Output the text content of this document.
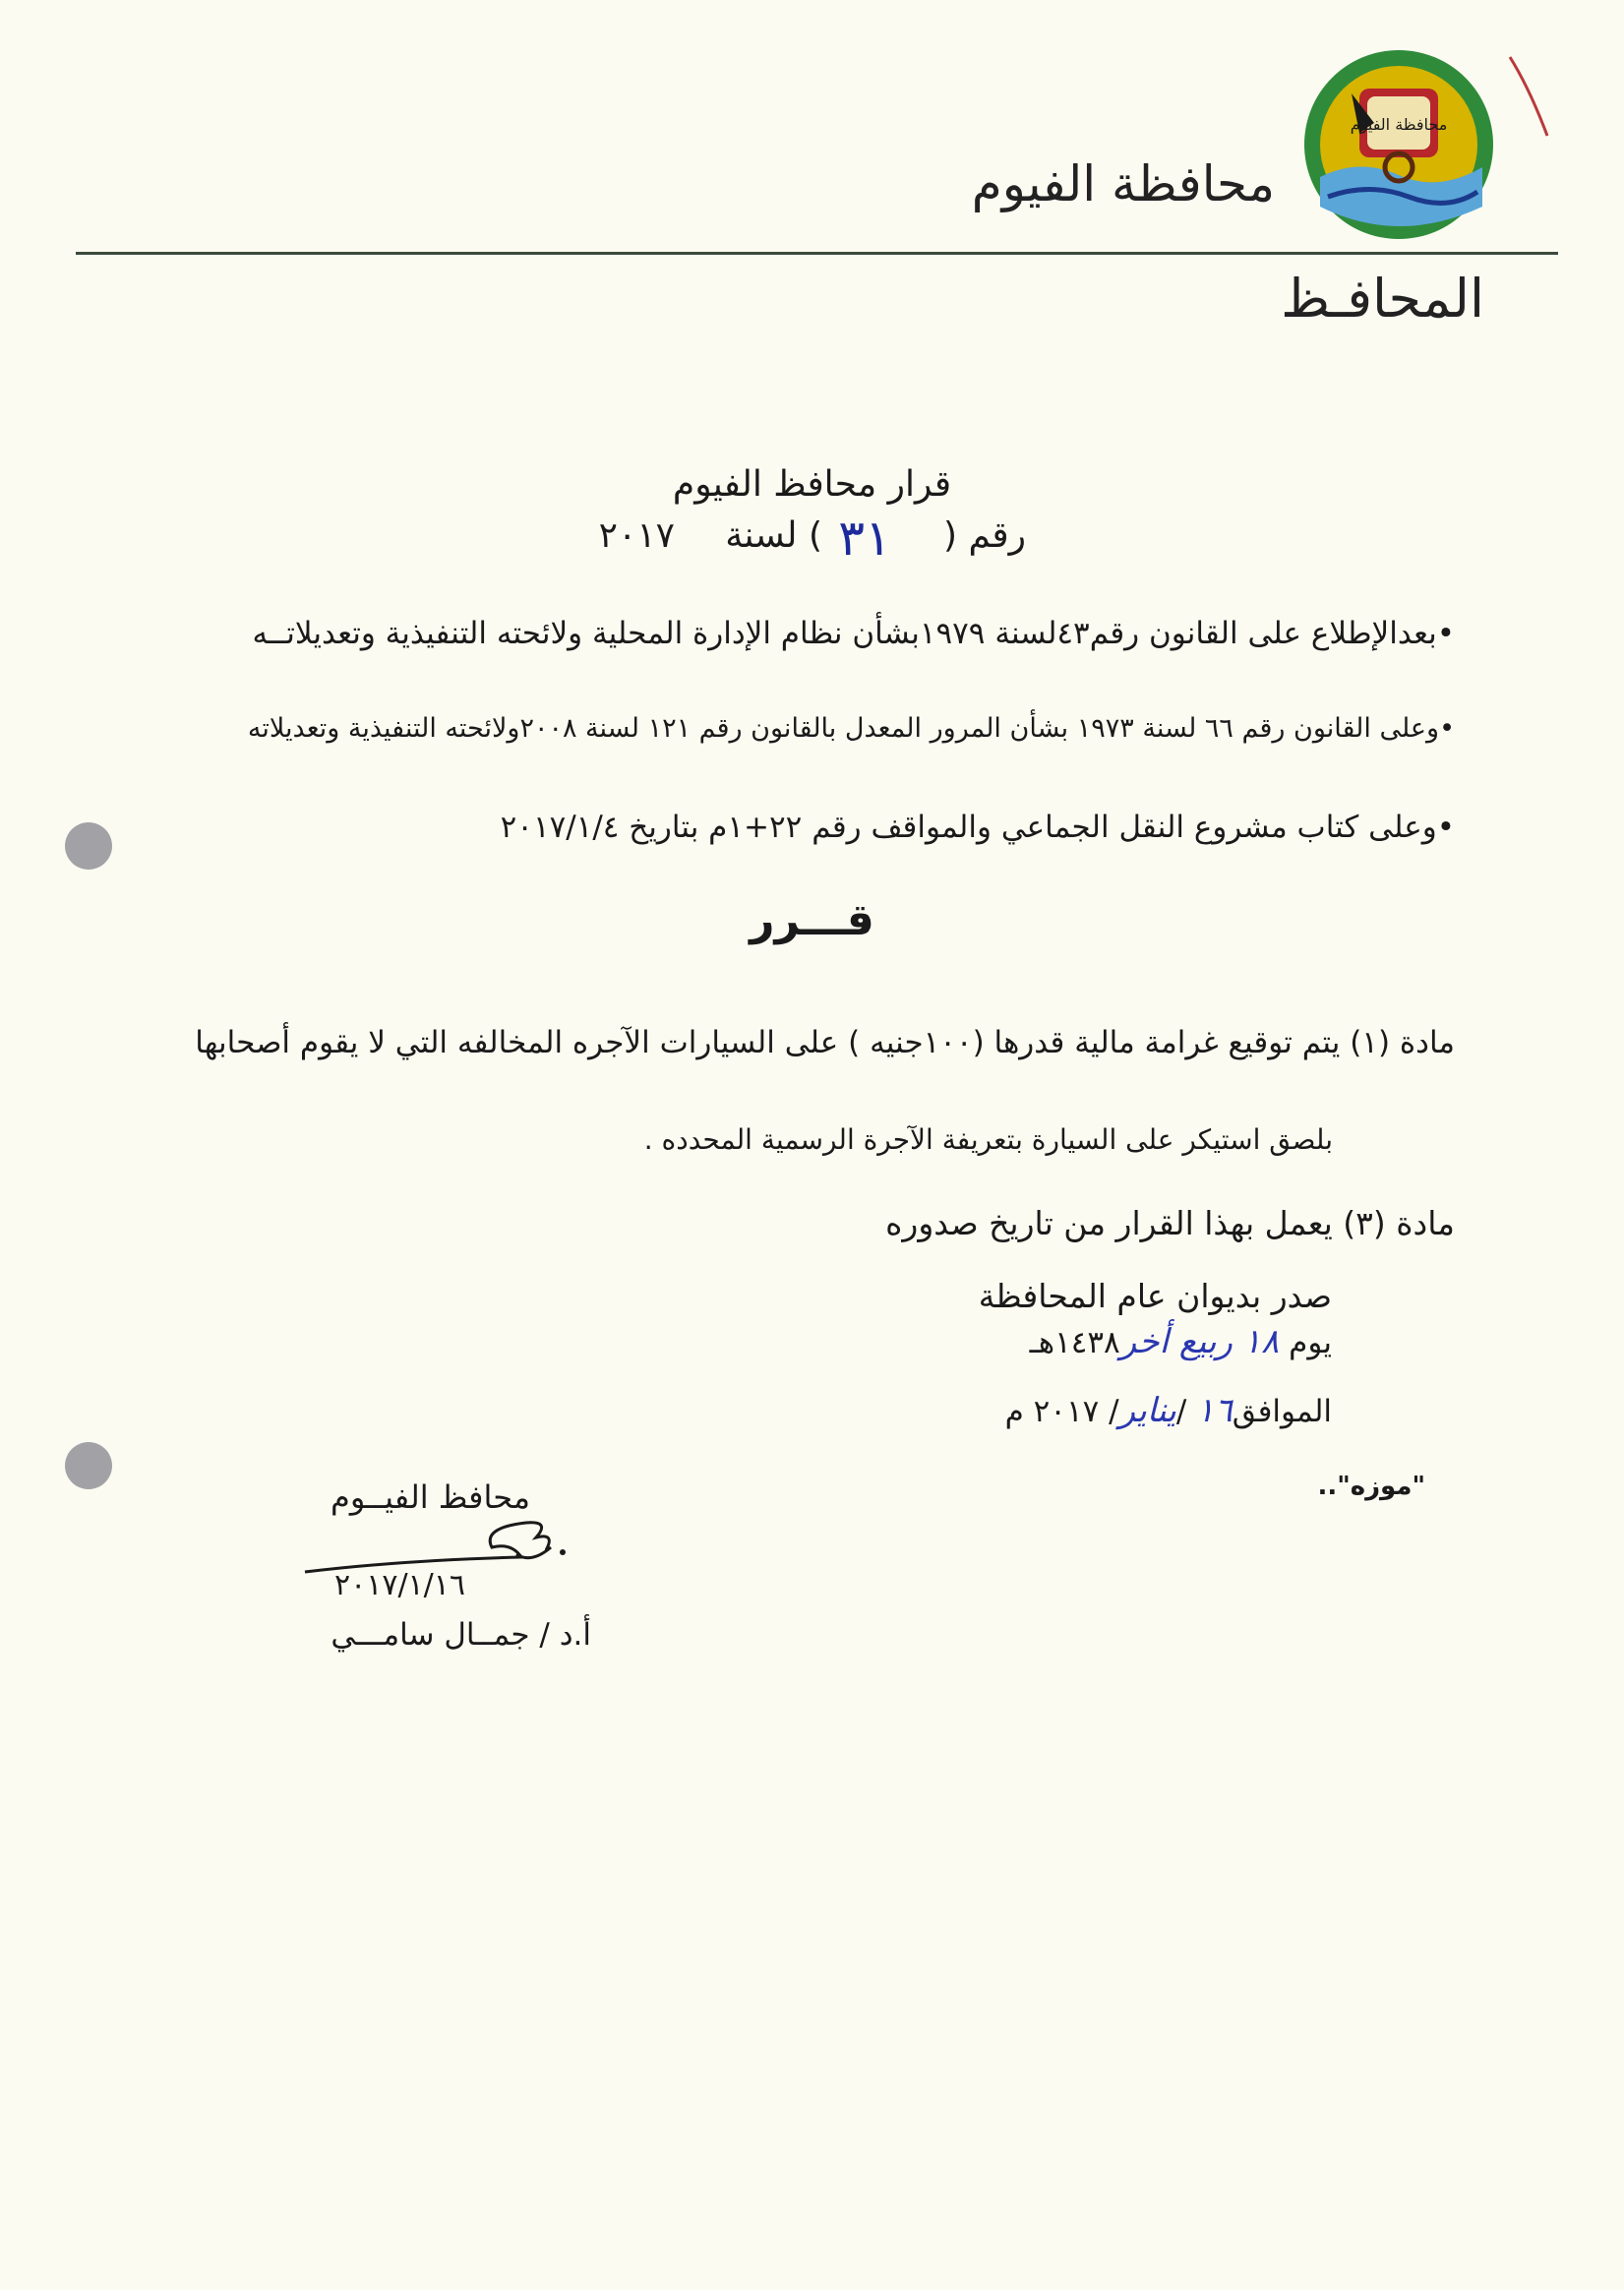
محافظة الفيوم
1
محافظة الفيوم
المحافـظ
قرار محافظ الفيوم
رقم (
٣١
) لسنة
٢٠١٧
•بعدالإطلاع على القانون رقم٤٣لسنة ١٩٧٩بشأن نظام الإدارة المحلية ولائحته التنفيذية وتعديلاتــه
•وعلى القانون رقم ٦٦ لسنة ١٩٧٣ بشأن المرور المعدل بالقانون رقم ١٢١ لسنة ٢٠٠٨ولائحته التنفيذية وتعديلاته
•وعلى كتاب مشروع النقل الجماعي والمواقف رقم ٢٢+١م بتاريخ ٢٠١٧/١/٤
قـــرر
مادة (١) يتم توقيع غرامة مالية قدرها (١٠٠جنيه ) على السيارات الآجره المخالفه التي لا يقوم أصحابها
بلصق استيكر على السيارة بتعريفة الآجرة الرسمية المحدده .
مادة (٣) يعمل بهذا القرار من تاريخ صدوره
صدر بديوان عام المحافظة
يوم ١٨ ربيع أخر١٤٣٨هـ
الموافق١٦ /يناير/ ٢٠١٧ م
"موزه"..
محافظ الفيــوم
٢٠١٧/١/١٦
أ.د / جمــال سامـــي
